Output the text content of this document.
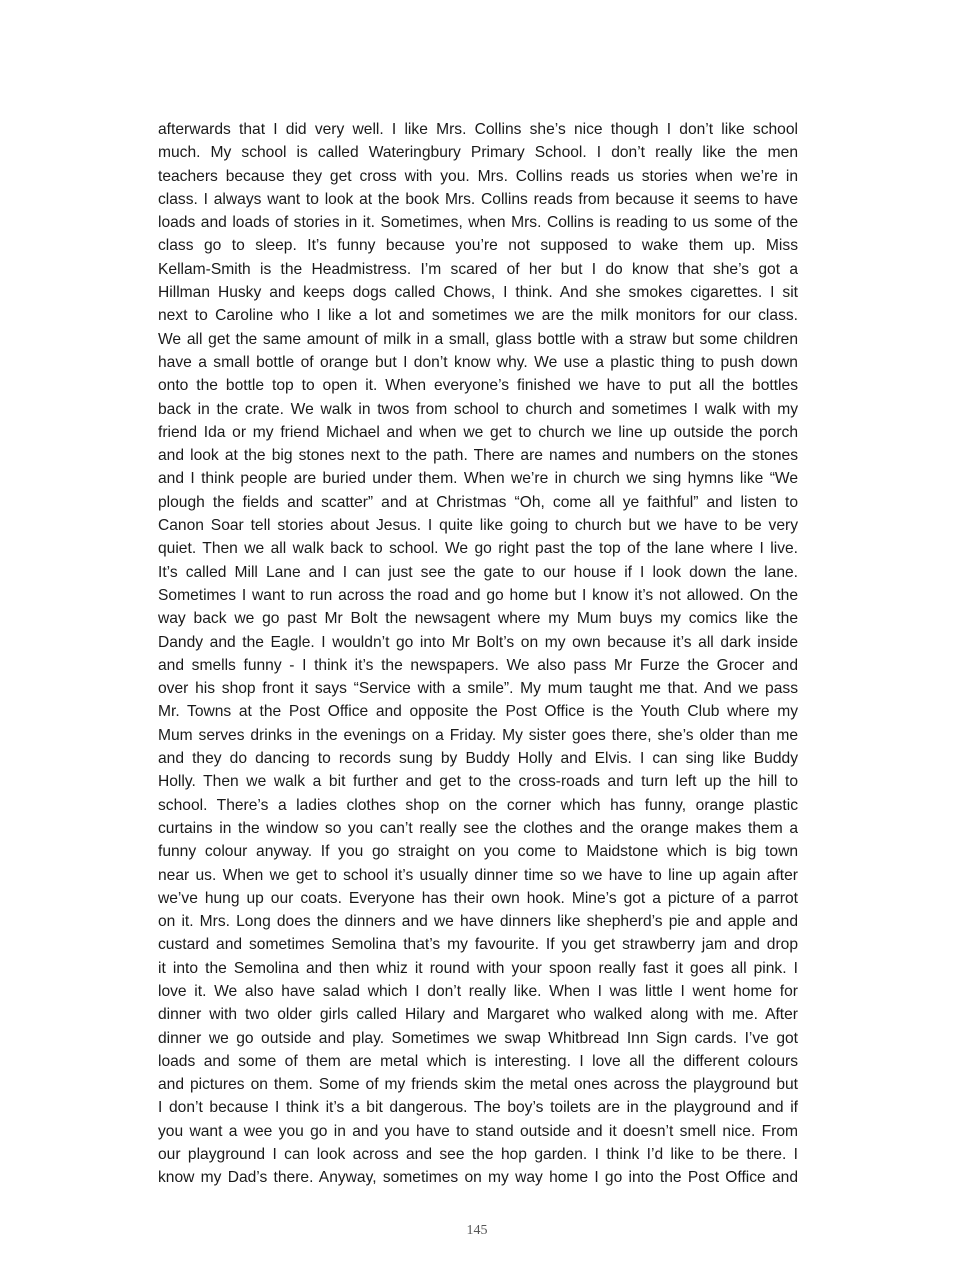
afterwards that I did very well. I like Mrs. Collins she’s nice though I don’t like school
much. My school is called Wateringbury Primary School. I don’t really like the men
teachers because they get cross with you. Mrs. Collins reads us stories when we’re in
class. I always want to look at the book Mrs. Collins reads from because it seems to have
loads and loads of stories in it. Sometimes, when Mrs. Collins is reading to us some of the
class go to sleep. It’s funny because you’re not supposed to wake them up. Miss
Kellam-Smith is the Headmistress. I’m scared of her but I do know that she’s got a
Hillman Husky and keeps dogs called Chows, I think. And she smokes cigarettes. I sit
next to Caroline who I like a lot and sometimes we are the milk monitors for our class.
We all get the same amount of milk in a small, glass bottle with a straw but some children
have a small bottle of orange but I don’t know why. We use a plastic thing to push down
onto the bottle top to open it. When everyone’s finished we have to put all the bottles
back in the crate. We walk in twos from school to church and sometimes I walk with my
friend Ida or my friend Michael and when we get to church we line up outside the porch
and look at the big stones next to the path. There are names and numbers on the stones
and I think people are buried under them. When we’re in church we sing hymns like “We
plough the fields and scatter” and at Christmas “Oh, come all ye faithful” and listen to
Canon Soar tell stories about Jesus. I quite like going to church but we have to be very
quiet. Then we all walk back to school. We go right past the top of the lane where I live.
It’s called Mill Lane and I can just see the gate to our house if I look down the lane.
Sometimes I want to run across the road and go home but I know it’s not allowed. On the
way back we go past Mr Bolt the newsagent where my Mum buys my comics like the
Dandy and the Eagle. I wouldn’t go into Mr Bolt’s on my own because it’s all dark inside
and smells funny - I think it’s the newspapers. We also pass Mr Furze the Grocer and
over his shop front it says “Service with a smile”. My mum taught me that. And we pass
Mr. Towns at the Post Office and opposite the Post Office is the Youth Club where my
Mum serves drinks in the evenings on a Friday. My sister goes there, she’s older than me
and they do dancing to records sung by Buddy Holly and Elvis. I can sing like Buddy
Holly. Then we walk a bit further and get to the cross-roads and turn left up the hill to
school. There’s a ladies clothes shop on the corner which has funny, orange plastic
curtains in the window so you can’t really see the clothes and the orange makes them a
funny colour anyway. If you go straight on you come to Maidstone which is big town
near us. When we get to school it’s usually dinner time so we have to line up again after
we’ve hung up our coats. Everyone has their own hook. Mine’s got a picture of a parrot
on it. Mrs. Long does the dinners and we have dinners like shepherd’s pie and apple and
custard and sometimes Semolina that’s my favourite. If you get strawberry jam and drop
it into the Semolina and then whiz it round with your spoon really fast it goes all pink. I
love it. We also have salad which I don’t really like. When I was little I went home for
dinner with two older girls called Hilary and Margaret who walked along with me. After
dinner we go outside and play. Sometimes we swap Whitbread Inn Sign cards. I’ve got
loads and some of them are metal which is interesting. I love all the different colours
and pictures on them. Some of my friends skim the metal ones across the playground but
I don’t because I think it’s a bit dangerous. The boy’s toilets are in the playground and if
you want a wee you go in and you have to stand outside and it doesn’t smell nice. From
our playground I can look across and see the hop garden. I think I’d like to be there. I
know my Dad’s there. Anyway, sometimes on my way home I go into the Post Office and
145
